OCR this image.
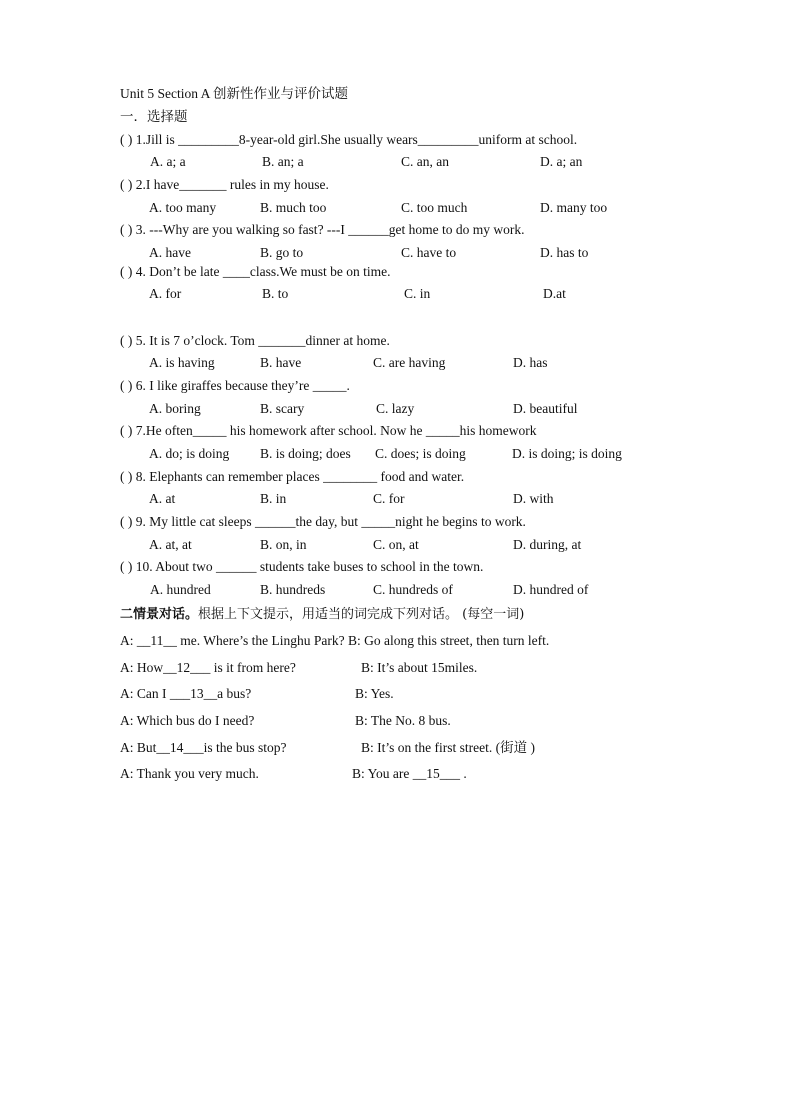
Unit 5 Section A 创新性作业与评价试题
一．选择题
( ) 1.Jill is _________8-year-old girl.She usually wears_________uniform at school.
A. a; a	B. an; a	C. an, an	D. a; an
( ) 2.I have_______ rules in my house.
A. too many	B. much too	C. too much	D. many too
( ) 3. ---Why are you walking so fast? ---I ______get home to do my work.
A. have	B. go to	C. have to	D. has to
( ) 4. Don’t be late ____class.We must be on time.
A. for	B. to	C. in	D.at
( ) 5. It is 7 o’clock. Tom _______dinner at home.
A. is having	B. have	C. are having	D. has
( ) 6. I like giraffes because they’re _____.
A. boring	B. scary	C. lazy	D. beautiful
( ) 7.He often_____ his homework after school. Now he _____his homework
A. do; is doing B. is doing; does C. does; is doing	D. is doing; is doing
( ) 8. Elephants can remember places ________ food and water.
A. at	B. in	C. for	D. with
( ) 9. My little cat sleeps ______the day, but _____night he begins to work.
A. at, at	B. on, in	C. on, at	D. during, at
( ) 10. About two ______ students take buses to school in the town.
A. hundred	B. hundreds	C. hundreds of	D. hundred of
二情景对话。根据上下文提示，用适当的词完成下列对话。 (每空一词)
A: __11__ me. Where’s the Linghu Park? B: Go along this street, then turn left.
A: How__12___ is it from here?	B: It’s about 15miles.
A: Can I ___13__a bus?	B: Yes.
A: Which bus do I need?	B: The No. 8 bus.
A: But__14___is the bus stop?	B: It’s on the first street. (街道 )
A: Thank you very much.	B: You are __15___ .
